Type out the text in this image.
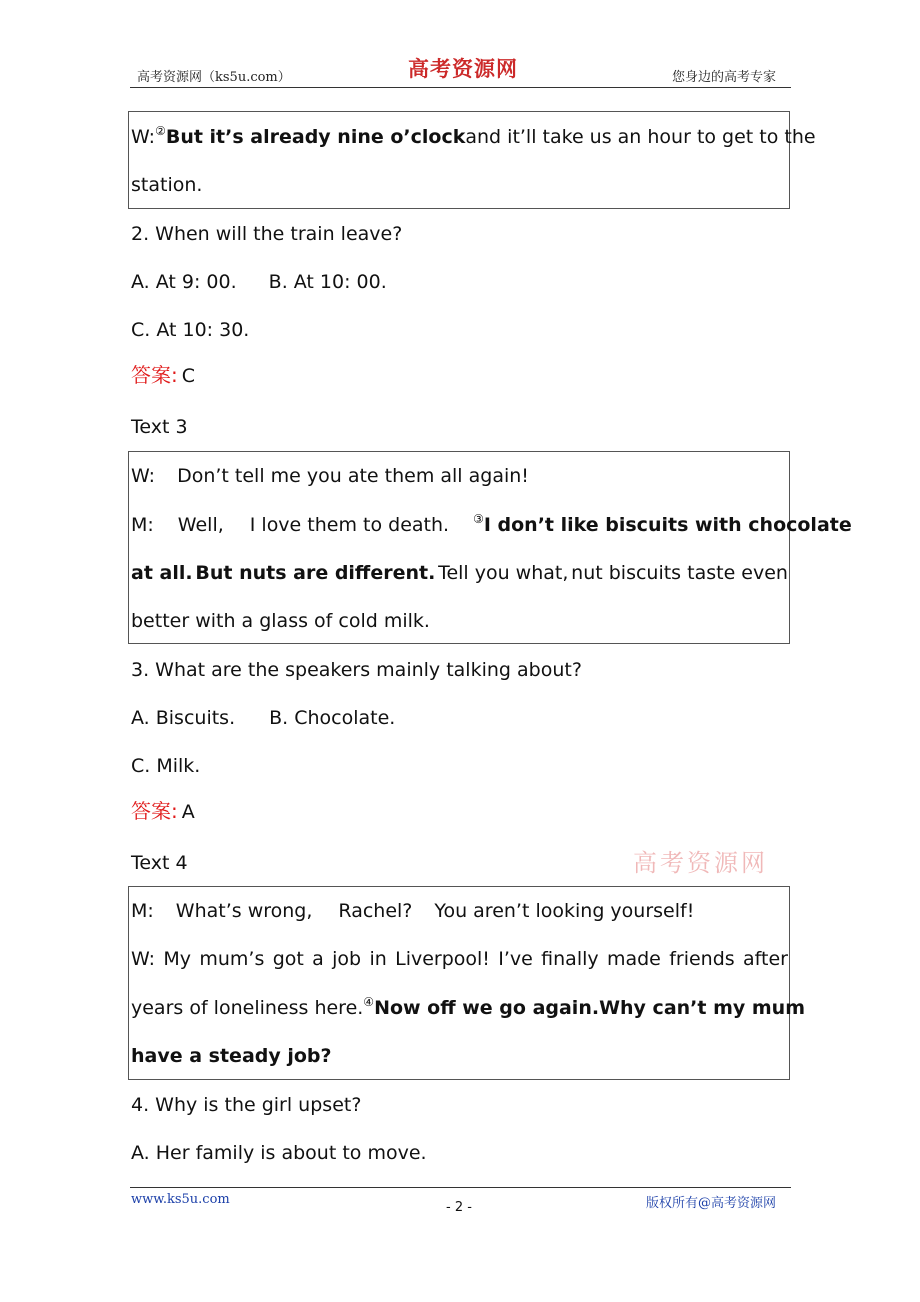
高考资源网（ks5u.com）	高考资源网	您身边的高考专家
W: ②But it’s already nine o’clock and it’ll take us an hour to get to the
station.
2. When will the train leave?
A. At 9: 00. B. At 10: 00.
C. At 10: 30.
答案: C
Text 3
W: Don’t tell me you ate them all again!
M: Well, I love them to death. ③I don’t like biscuits with chocolate
at all. But nuts are different. Tell you what, nut biscuits taste even
better with a glass of cold milk.
3. What are the speakers mainly talking about?
A. Biscuits. B. Chocolate.
C. Milk.
答案: A
Text 4	高考资源网
M: What’s wrong, Rachel? You aren’t looking yourself!
W: My mum’s got a job in Liverpool! I’ve finally made friends after
years of loneliness here. ④Now off we go again. Why can’t my mum
have a steady job?
4. Why is the girl upset?
A. Her family is about to move.
www.ks5u.com
- 2 -	版权所有@高考资源网
